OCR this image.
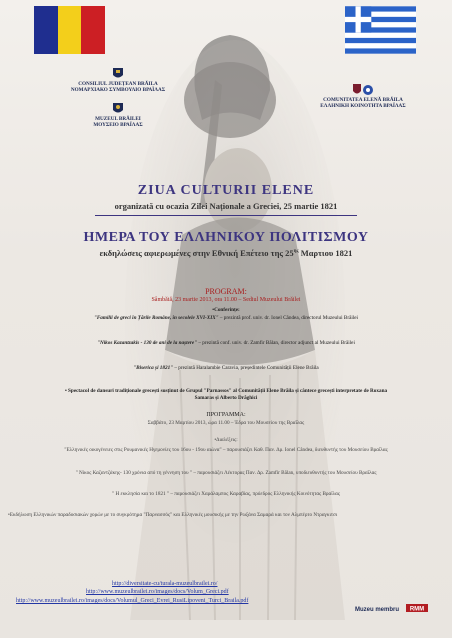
CONSILIUL JUDEȚEAN BRĂILA
ΝΟΜΑΡΧΙΑΚΟ ΣΥΜΒΟΥΛΙΟ ΒΡΑΪΛΑΣ
MUZEUL BRĂILEI
ΜΟΥΣΕΙΟ ΒΡΑΪΛΑΣ
COMUNITATEA ELENĂ BRĂILA
ΕΛΛΗΝΙΚΗ ΚΟΙΝΟΤΗΤΑ ΒΡΑΪΛΑΣ
ZIUA CULTURII ELENE
organizată cu ocazia Zilei Naționale a Greciei, 25 martie 1821
ΗΜΕΡΑ ΤΟΥ ΕΛΛΗΝΙΚΟΥ ΠΟΛΙΤΙΣΜΟΥ
εκδηλώσεις αφιερωμένες στην Εθνική Επέτειο της $25^{\eta\varsigma}$ Μαρτιου 1821
PROGRAM:
Sâmbătă, 23 martie 2013, ora 11.00 – Sediul Muzeului Brăilei
•Conferințe:
"Familii de greci în Țările Române, în secolele XVI-XIX" – prezintă prof. univ. dr. Ionel Cândea, directorul Muzeului Brăilei
"Nikos Kazantzakis - 130 de ani de la naștere" – prezintă conf. univ. dr. Zamfir Bălan, director adjunct al Muzeului Brăilei
"Biserica și 1821" – prezintă Haralambie Caravia, președintele Comunității Elene Brăila
• Spectacol de dansuri tradiționale grecești susținut de Grupul "Parnassos" al Comunității Elene Brăila și cântece grecești interpretate de Roxana Samaras și Alberto Drăghici
ΠΡΟΓΡΑΜΜΑ:
Σαββάτο, 23 Μαρτίου 2013, ώρα 11.00 – Έδρα του Μουσείου της Βραΐλας
•Διαλέξεις:
"Ελληνικές οικογένειες στις Ρουμανικές Ηγεμονίες του 16ου - 19ου αιώνα" – παρουσιάζει Καθ. Παν. Δρ. Ionel Cândea, διευθυντής του Μουσείου Βραΐλας
" Νίκος Καζαντζάκης- 130 χρόνια από τη γέννηση του " – παρουσιάζει Λέκτορας Παν. Δρ. Zamfir Bălan, υποδιευθυντής του Μουσείου Βραΐλας
" Η εκκλησία και το 1821 " – παρουσιάζει Χαράλαμπος Καραβίας, πρόεδρος Ελληνικής Κοινότητας Βραΐλας
•Εκδήλωση Ελληνικών παραδοσιακών χορών με το συγκρότημα "Παρνασσός" και Ελληνικές μουσικής με την Ρωξάνα Σαμαρά και τον Αλμπέρτο Ντραγκιτσι
http://diversitate-cu/turala-muzeulbrailei.ro/
http://www.muzeulbrailei.ro/images/docs/Volum_Greci.pdf
http://www.muzeulbrailei.ro/images/docs/Volumul_Greci_Evrei_RusiLipoveni_Turci_Braila.pdf
Muzeu membru RMM
